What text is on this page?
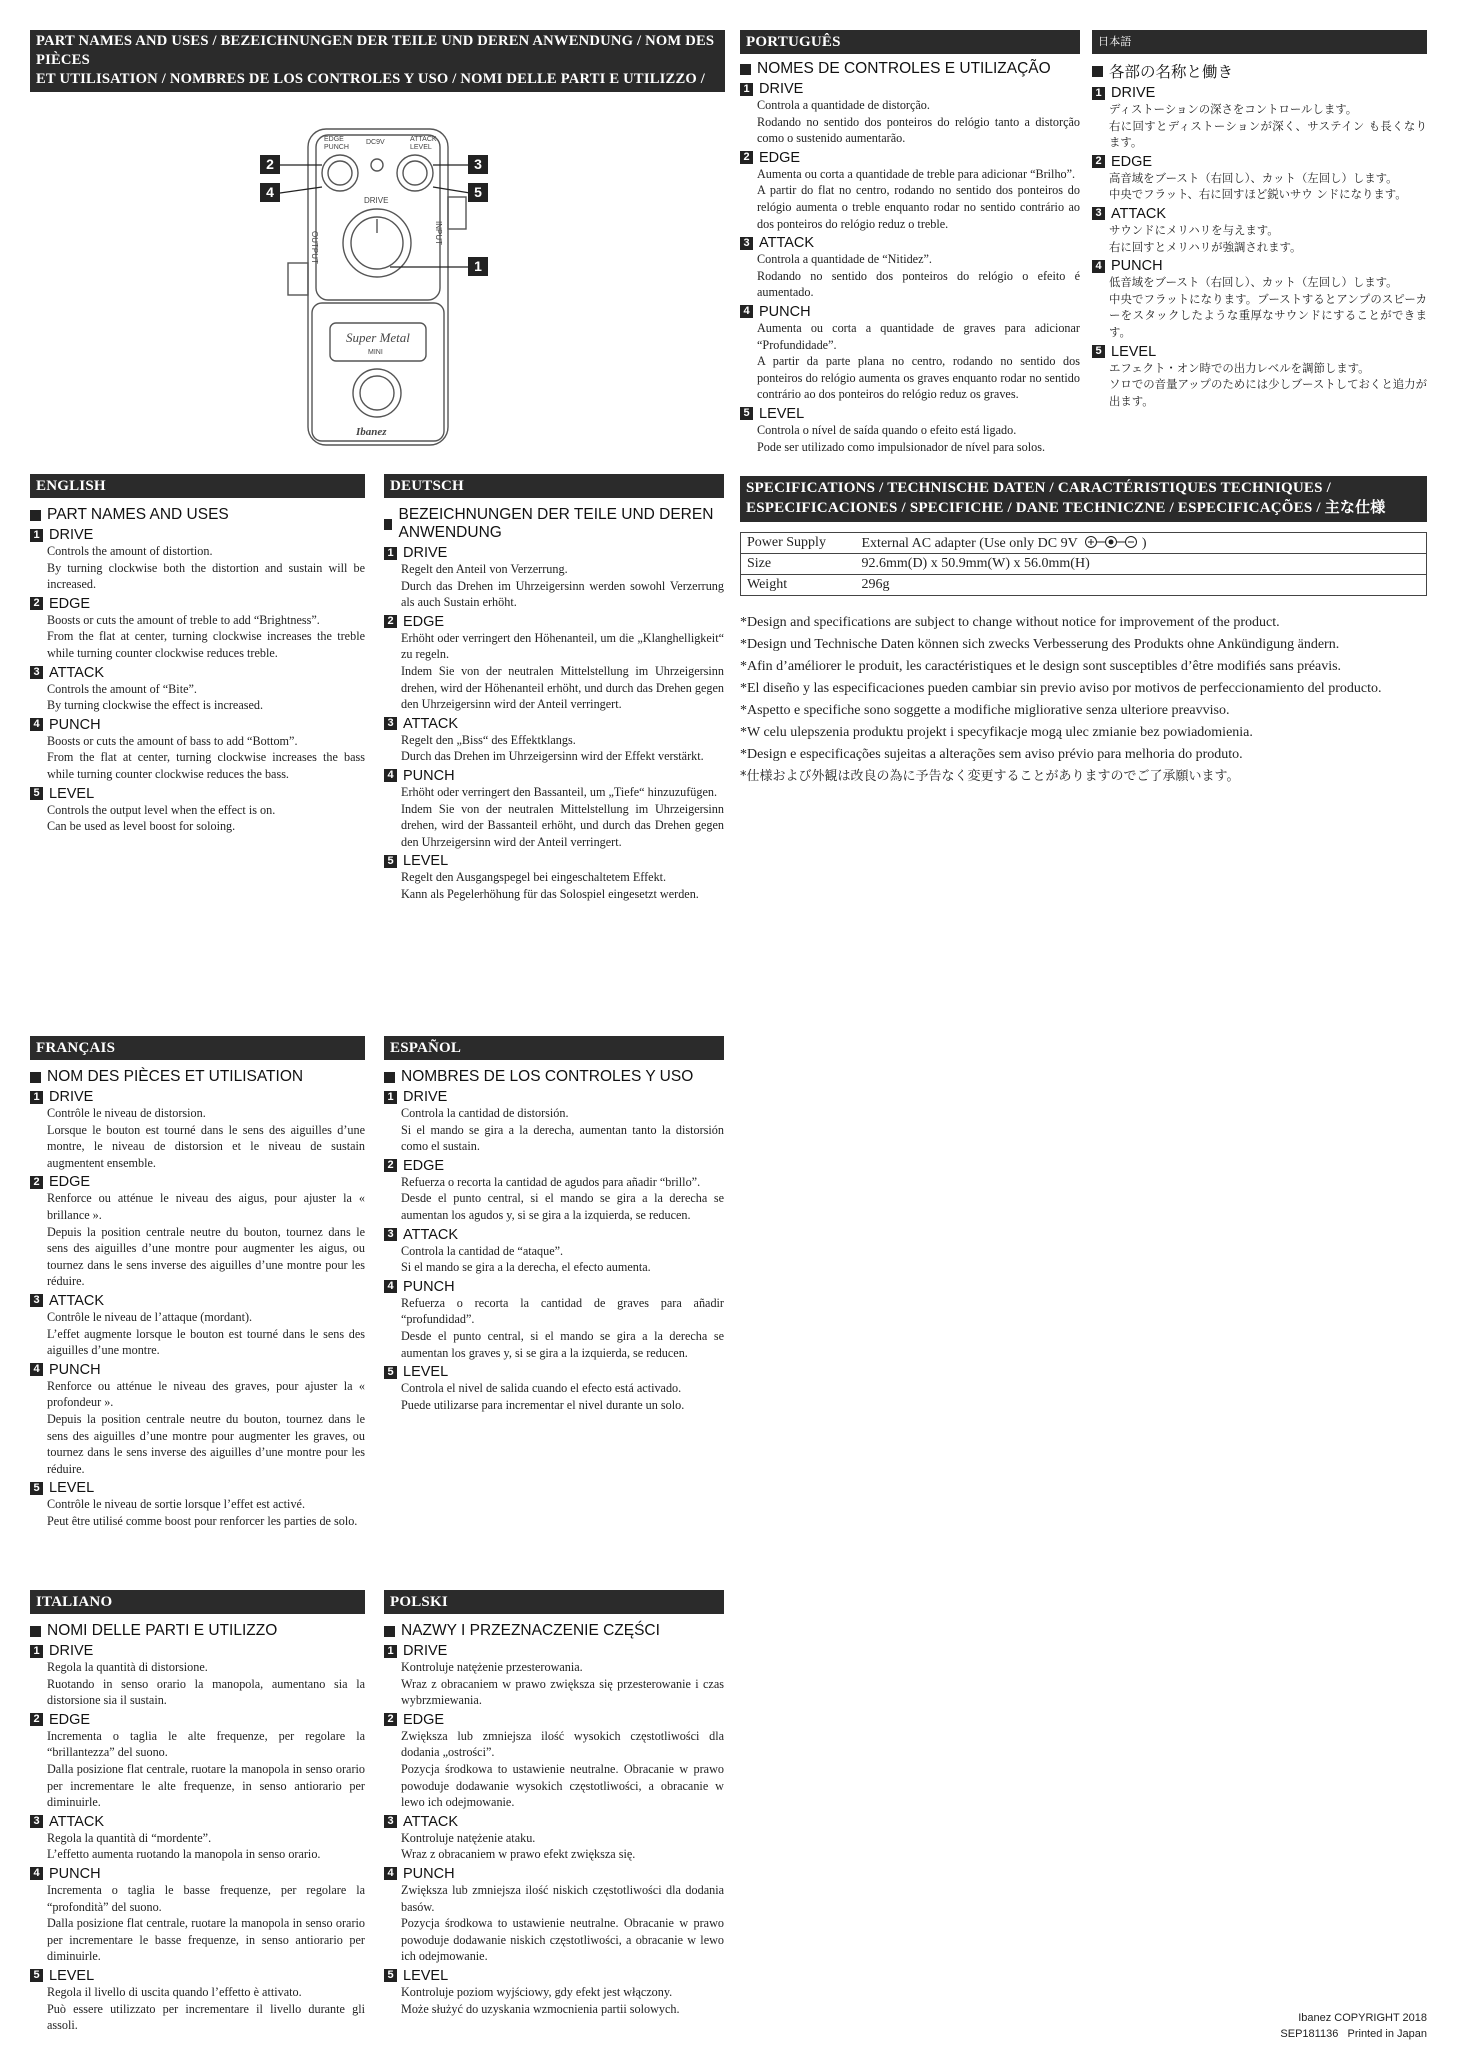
PART NAMES AND USES / BEZEICHNUNGEN DER TEILE UND DEREN ANWENDUNG / NOM DES PIÈCES
ET UTILISATION / NOMBRES DE LOS CONTROLES Y USO / NOMI DELLE PARTI E UTILIZZO / NAZWY
I PRZEZNACZENIE CZĘŚCI / NOMES DE CONTROLES E UTILIZAÇÃO / 各部の名称と働き
EDGE
PUNCH
DC9V	ATTACK
LEVEL
DRIVE
INPUT
OUTPUT
Super Metal
MINI
Ibanez
2
4
3
5
1
ENGLISH
PART NAMES AND USES
1 DRIVE

Controls the amount of distortion.

By turning clockwise both the distortion and sustain will be increased.

2 EDGE

Boosts or cuts the amount of treble to add “Brightness”.

From the flat at center, turning clockwise increases the treble while turning counter clockwise reduces treble.

3 ATTACK

Controls the amount of “Bite”.

By turning clockwise the effect is increased.

4 PUNCH

Boosts or cuts the amount of bass to add “Bottom”.

From the flat at center, turning clockwise increases the bass while turning counter clockwise reduces the bass.

5 LEVEL

Controls the output level when the effect is on.

Can be used as level boost for soloing.

DEUTSCH
BEZEICHNUNGEN DER TEILE UND DEREN ANWENDUNG
1 DRIVE

Regelt den Anteil von Verzerrung.

Durch das Drehen im Uhrzeigersinn werden sowohl Verzerrung als auch Sustain erhöht.

2 EDGE

Erhöht oder verringert den Höhenanteil, um die „Klanghelligkeit“ zu regeln.

Indem Sie von der neutralen Mittelstellung im Uhrzeigersinn drehen, wird der Höhenanteil erhöht, und durch das Drehen gegen den Uhrzeigersinn wird der Anteil verringert.

3 ATTACK

Regelt den „Biss“ des Effektklangs.

Durch das Drehen im Uhrzeigersinn wird der Effekt verstärkt.

4 PUNCH

Erhöht oder verringert den Bassanteil, um „Tiefe“ hinzuzufügen.

Indem Sie von der neutralen Mittelstellung im Uhrzeigersinn drehen, wird der Bassanteil erhöht, und durch das Drehen gegen den Uhrzeigersinn wird der Anteil verringert.

5 LEVEL

Regelt den Ausgangspegel bei eingeschaltetem Effekt.

Kann als Pegelerhöhung für das Solospiel eingesetzt werden.

FRANÇAIS
NOM DES PIÈCES ET UTILISATION
1 DRIVE

Contrôle le niveau de distorsion.

Lorsque le bouton est tourné dans le sens des aiguilles d’une montre, le niveau de distorsion et le niveau de sustain augmentent ensemble.

2 EDGE

Renforce ou atténue le niveau des aigus, pour ajuster la « brillance ».

Depuis la position centrale neutre du bouton, tournez dans le sens des aiguilles d’une montre pour augmenter les aigus, ou tournez dans le sens inverse des aiguilles d’une montre pour les réduire.

3 ATTACK

Contrôle le niveau de l’attaque (mordant).

L’effet augmente lorsque le bouton est tourné dans le sens des aiguilles d’une montre.

4 PUNCH

Renforce ou atténue le niveau des graves, pour ajuster la « profondeur ».

Depuis la position centrale neutre du bouton, tournez dans le sens des aiguilles d’une montre pour augmenter les graves, ou tournez dans le sens inverse des aiguilles d’une montre pour les réduire.

5 LEVEL

Contrôle le niveau de sortie lorsque l’effet est activé.

Peut être utilisé comme boost pour renforcer les parties de solo.

ESPAÑOL
NOMBRES DE LOS CONTROLES Y USO
1 DRIVE

Controla la cantidad de distorsión.

Si el mando se gira a la derecha, aumentan tanto la distorsión como el sustain.

2 EDGE

Refuerza o recorta la cantidad de agudos para añadir “brillo”.

Desde el punto central, si el mando se gira a la derecha se aumentan los agudos y, si se gira a la izquierda, se reducen.

3 ATTACK

Controla la cantidad de “ataque”.

Si el mando se gira a la derecha, el efecto aumenta.

4 PUNCH

Refuerza o recorta la cantidad de graves para añadir “profundidad”.

Desde el punto central, si el mando se gira a la derecha se aumentan los graves y, si se gira a la izquierda, se reducen.

5 LEVEL

Controla el nivel de salida cuando el efecto está activado.

Puede utilizarse para incrementar el nivel durante un solo.

ITALIANO
NOMI DELLE PARTI E UTILIZZO
1 DRIVE

Regola la quantità di distorsione.

Ruotando in senso orario la manopola, aumentano sia la distorsione sia il sustain.

2 EDGE

Incrementa o taglia le alte frequenze, per regolare la “brillantezza” del suono.

Dalla posizione flat centrale, ruotare la manopola in senso orario per incrementare le alte frequenze, in senso antiorario per diminuirle.

3 ATTACK

Regola la quantità di “mordente”.

L’effetto aumenta ruotando la manopola in senso orario.

4 PUNCH

Incrementa o taglia le basse frequenze, per regolare la “profondità” del suono.

Dalla posizione flat centrale, ruotare la manopola in senso orario per incrementare le basse frequenze, in senso antiorario per diminuirle.

5 LEVEL

Regola il livello di uscita quando l’effetto è attivato.

Può essere utilizzato per incrementare il livello durante gli assoli.

POLSKI
NAZWY I PRZEZNACZENIE CZĘŚCI
1 DRIVE

Kontroluje natężenie przesterowania.

Wraz z obracaniem w prawo zwiększa się przesterowanie i czas wybrzmiewania.

2 EDGE

Zwiększa lub zmniejsza ilość wysokich częstotliwości dla dodania „ostrości”.

Pozycja środkowa to ustawienie neutralne. Obracanie w prawo powoduje dodawanie wysokich częstotliwości, a obracanie w lewo ich odejmowanie.

3 ATTACK

Kontroluje natężenie ataku.

Wraz z obracaniem w prawo efekt zwiększa się.

4 PUNCH

Zwiększa lub zmniejsza ilość niskich częstotliwości dla dodania basów.

Pozycja środkowa to ustawienie neutralne. Obracanie w prawo powoduje dodawanie niskich częstotliwości, a obracanie w lewo ich odejmowanie.

5 LEVEL

Kontroluje poziom wyjściowy, gdy efekt jest włączony.

Może służyć do uzyskania wzmocnienia partii solowych.

PORTUGUÊS
NOMES DE CONTROLES E UTILIZAÇÃO
1 DRIVE

Controla a quantidade de distorção.

Rodando no sentido dos ponteiros do relógio tanto a distorção como o sustenido aumentarão.

2 EDGE

Aumenta ou corta a quantidade de treble para adicionar “Brilho”.

A partir do flat no centro, rodando no sentido dos ponteiros do relógio aumenta o treble enquanto rodar no sentido contrário ao dos ponteiros do relógio reduz o treble.

3 ATTACK

Controla a quantidade de “Nitidez”.

Rodando no sentido dos ponteiros do relógio o efeito é aumentado.

4 PUNCH

Aumenta ou corta a quantidade de graves para adicionar “Profundidade”.

A partir da parte plana no centro, rodando no sentido dos ponteiros do relógio aumenta os graves enquanto rodar no sentido contrário ao dos ponteiros do relógio reduz os graves.

5 LEVEL

Controla o nível de saída quando o efeito está ligado.

Pode ser utilizado como impulsionador de nível para solos.

日本語
各部の名称と働き
1 DRIVE

ディストーションの深さをコントロールします。

右に回すとディストーションが深く、サステイン も長くなります。

2 EDGE

高音域をブースト（右回し）、カット（左回し）します。

中央でフラット、右に回すほど鋭いサウ ンドになります。

3 ATTACK

サウンドにメリハリを与えます。

右に回すとメリハリが強調されます。

4 PUNCH

低音域をブースト（右回し）、カット（左回し）します。

中央でフラットになります。ブーストするとアンプのスピーカーをスタックしたような重厚なサウンドにすることができます。

5 LEVEL

エフェクト・オン時での出力レベルを調節します。

ソロでの音量アップのためには少しブーストしておくと追力が出ます。

SPECIFICATIONS / TECHNISCHE DATEN / CARACTÉRISTIQUES TECHNIQUES /
ESPECIFICACIONES / SPECIFICHE / DANE TECHNICZNE / ESPECIFICAÇÕES / 主な仕様
Power Supply	External AC adapter (Use only DC 9V )
Size	92.6mm(D) x 50.9mm(W) x 56.0mm(H)
Weight	296g

*Design and specifications are subject to change without notice for improvement of the product.

*Design und Technische Daten können sich zwecks Verbesserung des Produkts ohne Ankündigung ändern.

*Afin d’améliorer le produit, les caractéristiques et le design sont susceptibles d’être modifiés sans préavis.

*El diseño y las especificaciones pueden cambiar sin previo aviso por motivos de perfeccionamiento del producto.

*Aspetto e specifiche sono soggette a modifiche migliorative senza ulteriore preavviso.

*W celu ulepszenia produktu projekt i specyfikacje mogą ulec zmianie bez powiadomienia.

*Design e especificações sujeitas a alterações sem aviso prévio para melhoria do produto.

*仕様および外観は改良の為に予告なく変更することがありますのでご了承願います。

Ibanez COPYRIGHT 2018
SEP181136 Printed in Japan
